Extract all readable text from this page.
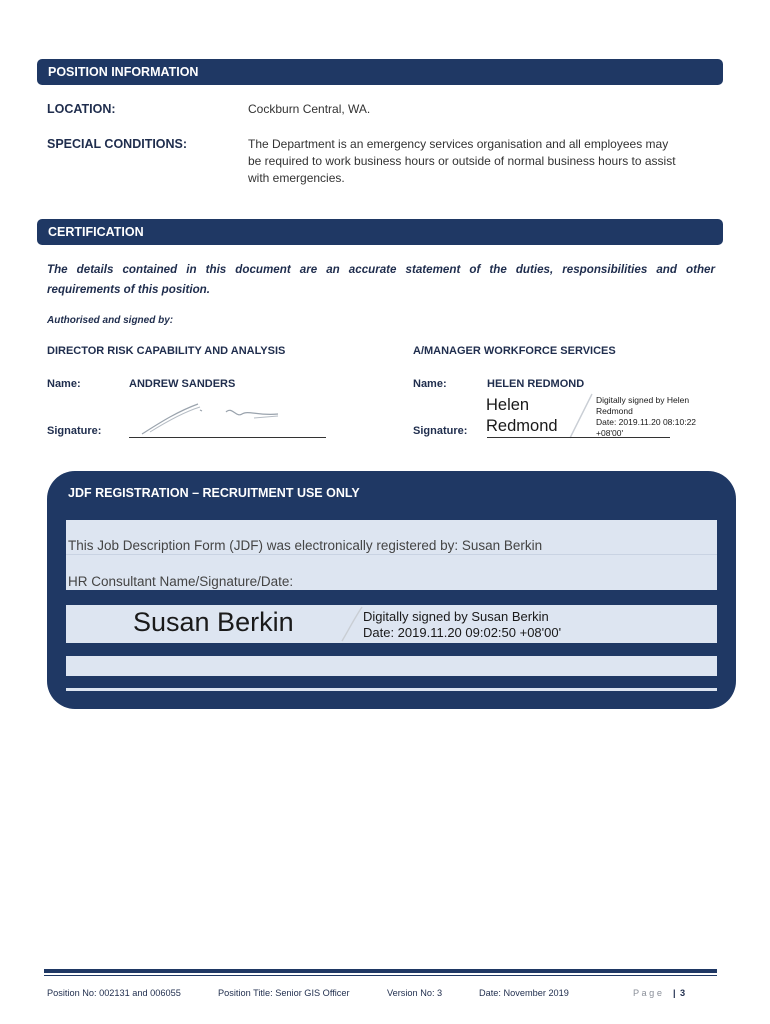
POSITION INFORMATION
LOCATION:	Cockburn Central, WA.
SPECIAL CONDITIONS:	The Department is an emergency services organisation and all employees may
be required to work business hours or outside of normal business hours to assist
with emergencies.
CERTIFICATION
The details contained in this document are an accurate statement of the duties, responsibilities and other
requirements of this position.
Authorised and signed by:
DIRECTOR RISK CAPABILITY AND ANALYSIS
Name:	ANDREW SANDERS
Signature:
A/MANAGER WORKFORCE SERVICES
Name:	HELEN REDMOND
Signature:
Helen
Redmond
Digitally signed by Helen
Redmond
Date: 2019.11.20 08:10:22
+08'00'
JDF REGISTRATION – RECRUITMENT USE ONLY
This Job Description Form (JDF) was electronically registered by: Susan Berkin
HR Consultant Name/Signature/Date:
Susan Berkin	Digitally signed by Susan Berkin
Date: 2019.11.20 09:02:50 +08'00'
Position No: 002131 and 006055	Position Title: Senior GIS Officer	Version No: 3	Date: November 2019	P a g e | 3
